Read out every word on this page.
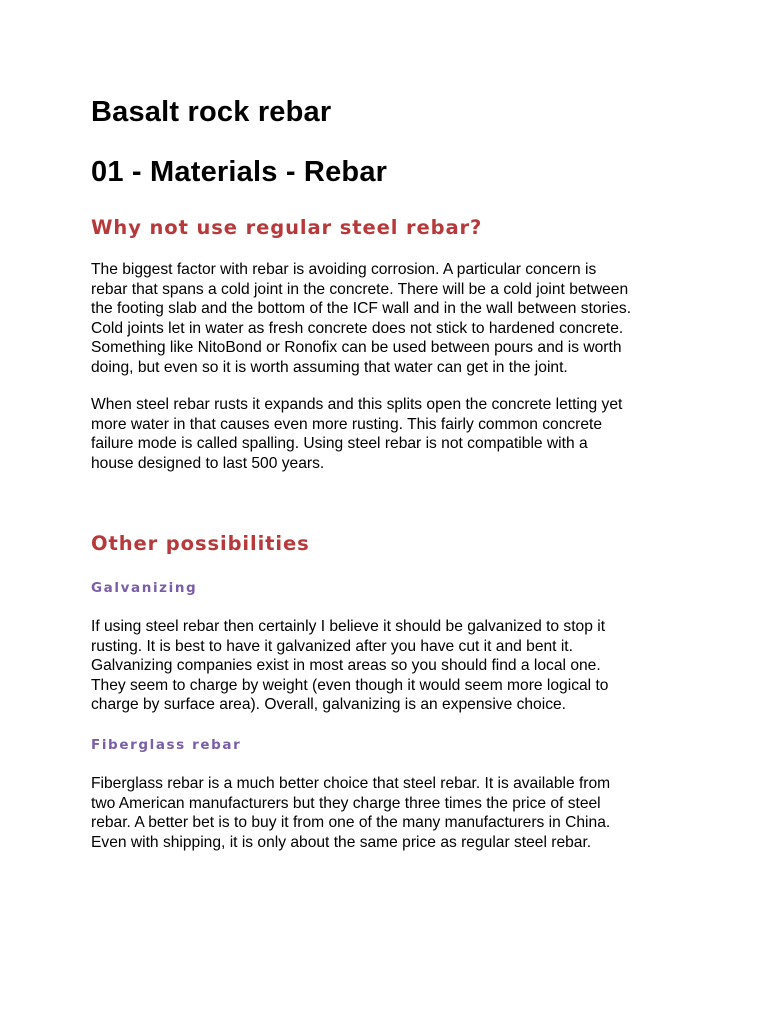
Basalt rock rebar
01 - Materials - Rebar
Why not use regular steel rebar?

The biggest factor with rebar is avoiding corrosion. A particular concern is
rebar that spans a cold joint in the concrete. There will be a cold joint between
the footing slab and the bottom of the ICF wall and in the wall between stories.
Cold joints let in water as fresh concrete does not stick to hardened concrete.
Something like NitoBond or Ronofix can be used between pours and is worth
doing, but even so it is worth assuming that water can get in the joint.

When steel rebar rusts it expands and this splits open the concrete letting yet
more water in that causes even more rusting. This fairly common concrete
failure mode is called spalling. Using steel rebar is not compatible with a
house designed to last 500 years.

Other possibilities
Galvanizing

If using steel rebar then certainly I believe it should be galvanized to stop it
rusting. It is best to have it galvanized after you have cut it and bent it.
Galvanizing companies exist in most areas so you should find a local one.
They seem to charge by weight (even though it would seem more logical to
charge by surface area). Overall, galvanizing is an expensive choice.

Fiberglass rebar

Fiberglass rebar is a much better choice that steel rebar. It is available from
two American manufacturers but they charge three times the price of steel
rebar. A better bet is to buy it from one of the many manufacturers in China.
Even with shipping, it is only about the same price as regular steel rebar.
